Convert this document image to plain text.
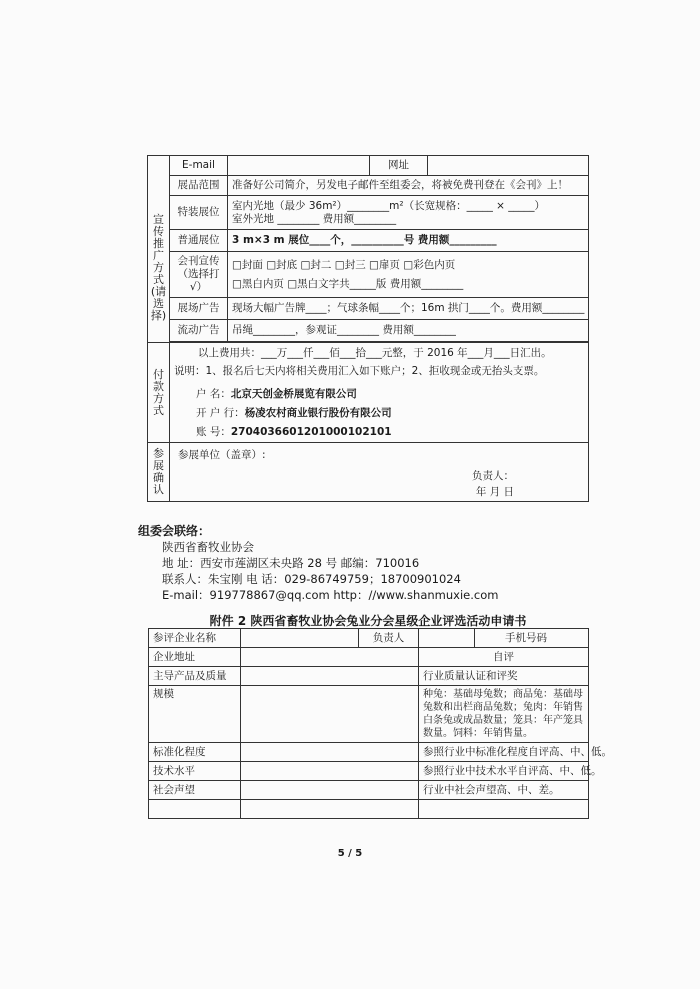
宣传推广方式(请选择)	E-mail		网址	
	展品范围	准备好公司简介，另发电子邮件至组委会，将被免费刊登在《会刊》上！		
	特装展位	室内光地（最少 36m²）________m²（长宽规格：_____ × _____）
室外光地 ________ 费用额________		

	普通展位	3 m×3 m 展位____个，__________号 费用额_________		
	会刊宣传（选择打√）	□封面 □封底 □封二 □封三 □扉页 □彩色内页
□黑白内页 □黑白文字共_____版 费用额________		

	展场广告	现场大幅广告牌____；气球条幅____个；16m 拱门____个。费用额________		
	流动广告	吊绳________，参观证________ 费用额________		

付款方式	以上费用共：___万___仟___佰___拾___元整，于 2016 年___月___日汇出。
说明：1、报名后七天内将相关费用汇入如下账户；2、拒收现金或无抬头支票。
户 名：北京天创金桥展览有限公司
开 户 行：杨凌农村商业银行股份有限公司
账 号：2704036601201000102101			

参展确认	参展单位（盖章）:
负责人：
年 月 日			
组委会联络：
陕西省畜牧业协会
地 址：西安市莲湖区未央路 28 号 邮编：710016
联系人：朱宝刚 电 话：029-86749759；18700901024
E-mail：919778867@qq.com http：//www.shanmuxie.com
附件 2 陕西省畜牧业协会兔业分会星级企业评选活动申请书
参评企业名称		负责人		手机号码
企业地址			自评	
主导产品及质量			行业质量认证和评奖	
规模			种兔：基础母兔数；商品兔：基础母兔数和出栏商品兔数；兔肉：年销售白条兔或成品数量；笼具：年产笼具数量。饲料：年销售量。	
标准化程度			参照行业中标准化程度自评高、中、低。	
技术水平			参照行业中技术水平自评高、中、低。	
社会声望			行业中社会声望高、中、差。	

5 / 5
